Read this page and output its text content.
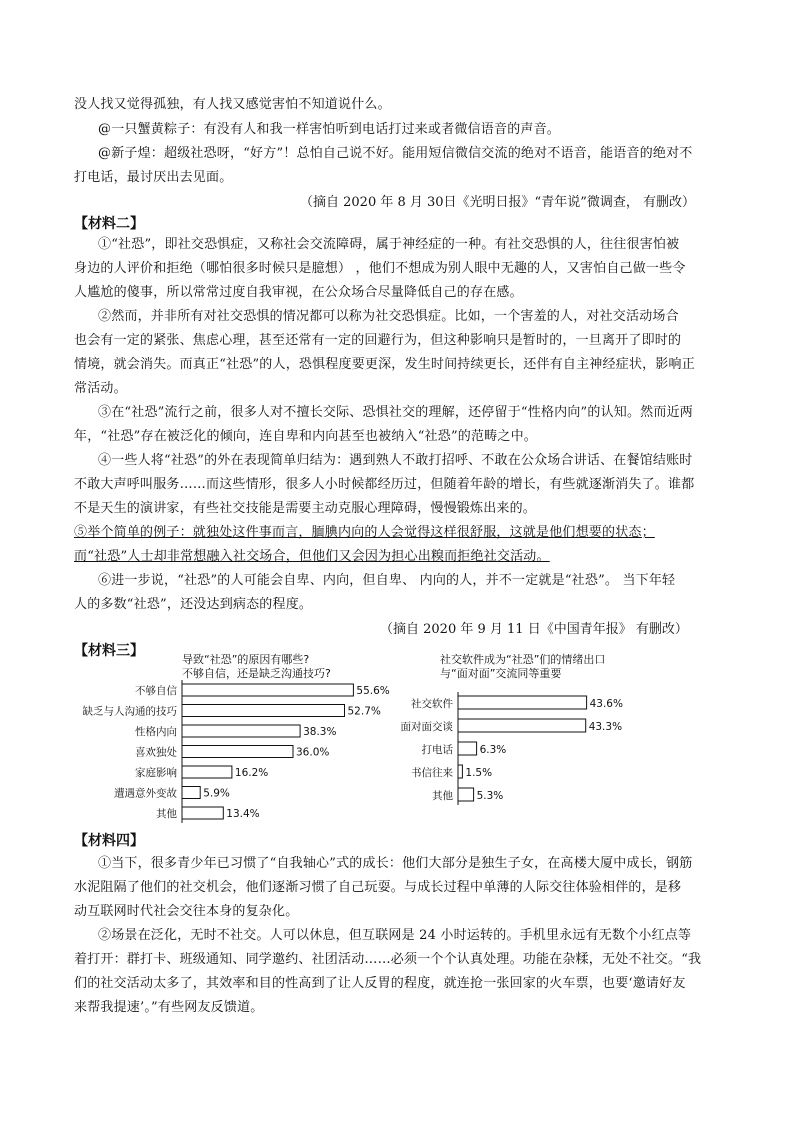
没人找又觉得孤独，有人找又感觉害怕不知道说什么。
@一只蟹黄粽子：有没有人和我一样害怕听到电话打过来或者微信语音的声音。
@新子煌：超级社恐呀，“好方”！总怕自己说不好。能用短信微信交流的绝对不语音，能语音的绝对不
打电话，最讨厌出去见面。
（摘自 2020 年 8 月 30日《光明日报》“青年说”微调查， 有删改）
【材料二】
①“社恐”，即社交恐惧症，又称社会交流障碍，属于神经症的一种。有社交恐惧的人，往往很害怕被
身边的人评价和拒绝（哪怕很多时候只是臆想） ，他们不想成为别人眼中无趣的人，又害怕自己做一些令
人尴尬的傻事，所以常常过度自我审视，在公众场合尽量降低自己的存在感。
②然而，并非所有对社交恐惧的情况都可以称为社交恐惧症。比如，一个害羞的人，对社交活动场合
也会有一定的紧张、焦虑心理，甚至还常有一定的回避行为，但这种影响只是暂时的，一旦离开了即时的
情境，就会消失。而真正“社恐”的人，恐惧程度要更深，发生时间持续更长，还伴有自主神经症状，影响正
常活动。
③在“社恐”流行之前，很多人对不擅长交际、恐惧社交的理解，还停留于“性格内向”的认知。然而近两
年，“社恐”存在被泛化的倾向，连自卑和内向甚至也被纳入“社恐”的范畴之中。
④一些人将“社恐”的外在表现简单归结为：遇到熟人不敢打招呼、不敢在公众场合讲话、在餐馆结账时
不敢大声呼叫服务……而这些情形，很多人小时候都经历过，但随着年龄的增长，有些就逐渐消失了。谁都
不是天生的演讲家，有些社交技能是需要主动克服心理障碍，慢慢锻炼出来的。
⑤举个简单的例子：就独处这件事而言，腼腆内向的人会觉得这样很舒服，这就是他们想要的状态；
而“社恐”人士却非常想融入社交场合，但他们又会因为担心出糗而拒绝社交活动。
⑥进一步说，“社恐”的人可能会自卑、内向，但自卑、 内向的人，并不一定就是“社恐”。 当下年轻
人的多数“社恐”，还没达到病态的程度。
（摘自 2020 年 9 月 11 日《中国青年报》 有删改）
【材料三】
导致“社恐”的原因有哪些?
不够自信，还是缺乏沟通技巧?
不够自信	55.6%
缺乏与人沟通的技巧	52.7%
性格内向	38.3%
喜欢独处	36.0%
家庭影响	16.2%
遭遇意外变故 5.9%
其他	13.4%
社交软件成为“社恐”们的情绪出口
与“面对面”交流同等重要
社交软件	43.6%
面对面交谈	43.3%
打电话	6.3%
书信往来 1.5%
其他 5.3%
【材料四】
①当下，很多青少年已习惯了“自我轴心”式的成长：他们大部分是独生子女，在高楼大厦中成长，钢筋
水泥阻隔了他们的社交机会，他们逐渐习惯了自己玩耍。与成长过程中单薄的人际交往体验相伴的，是移
动互联网时代社会交往本身的复杂化。
②场景在泛化，无时不社交。人可以休息，但互联网是 24 小时运转的。手机里永远有无数个小红点等
着打开：群打卡、班级通知、同学邀约、社团活动……必须一个个认真处理。功能在杂糅，无处不社交。“我
们的社交活动太多了，其效率和目的性高到了让人反胃的程度，就连抢一张回家的火车票，也要‘邀请好友
来帮我提速’。”有些网友反馈道。
